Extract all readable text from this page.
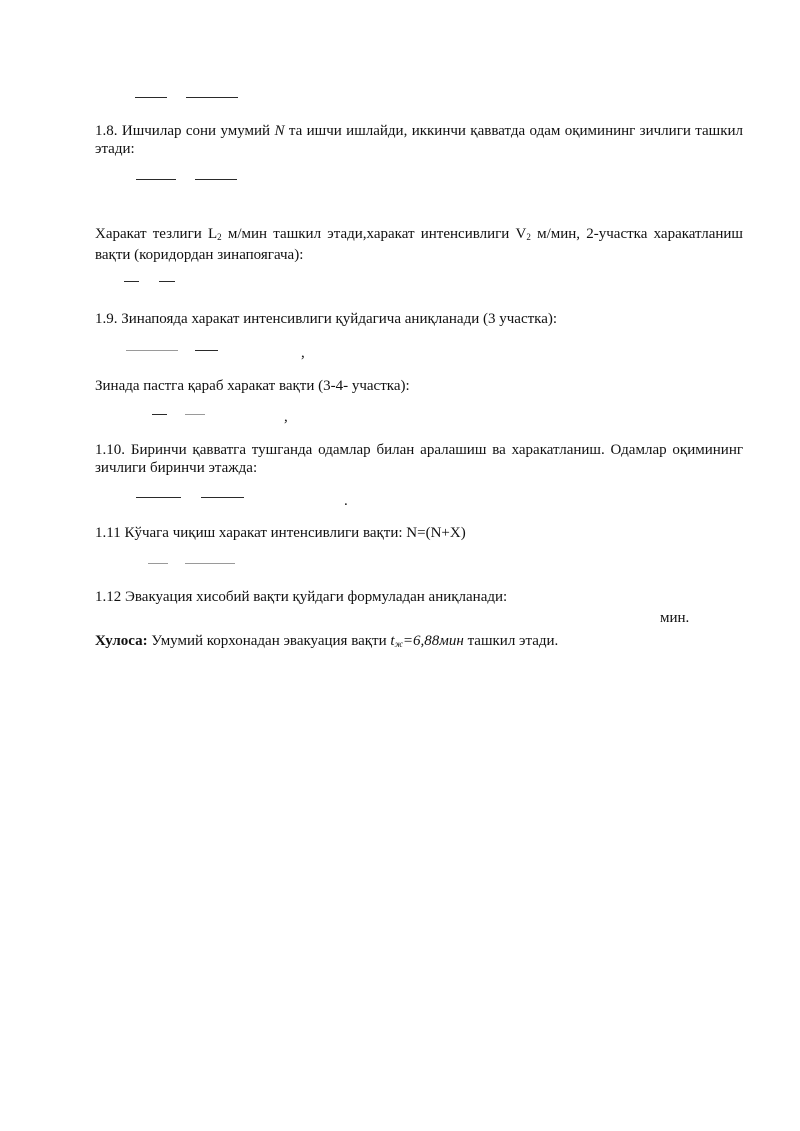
1.8. Ишчилар сони умумий N та ишчи ишлайди, иккинчи қавватда одам оқимининг зичлиги ташкил этади:

Харакат тезлиги $L_2$ м/мин ташкил этади,харакат интенсивлиги $V_2$ м/мин, 2-участка харакатланиш вақти (коридордан зинапоягача):

1.9. Зинапояда харакат интенсивлиги қуйдагича аниқланади (3 участка):

,

Зинада пастга қараб харакат вақти (3-4- участка):

,

1.10. Биринчи қавватга тушганда одамлар билан аралашиш ва харакатланиш. Одамлар оқимининг зичлиги биринчи этажда:

.

1.11 Кўчага чиқиш харакат интенсивлиги вақти: N=(N+X)

1.12 Эвакуация хисобий вақти қуйдаги формуладан аниқланади:

мин.

Хулоса: Умумий корхонадан эвакуация вақти $t_ж=6,88мин$ ташкил этади.
